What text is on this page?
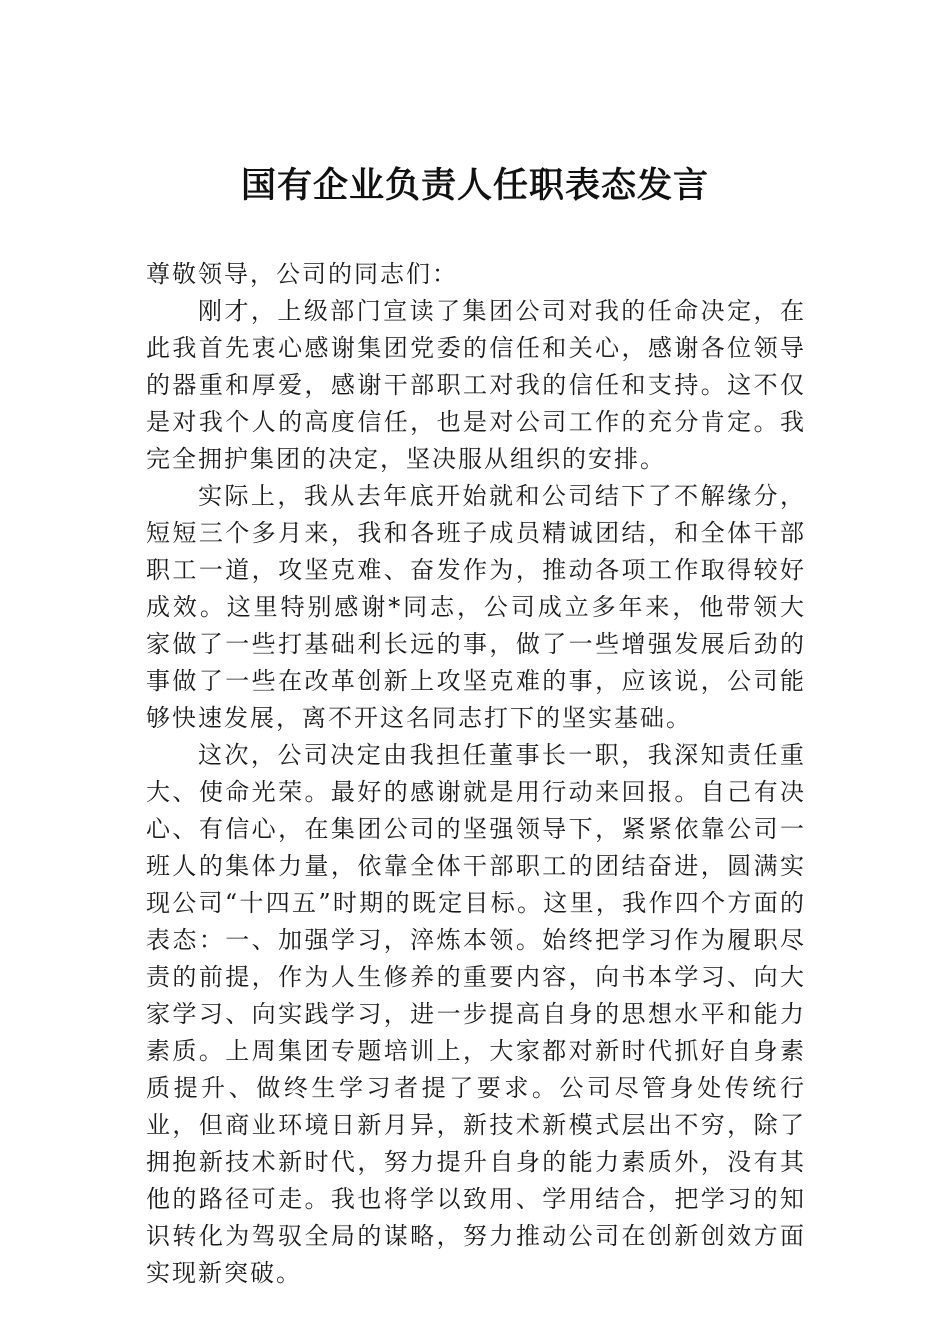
国有企业负责人任职表态发言

尊敬领导，公司的同志们：

刚才，上级部门宣读了集团公司对我的任命决定，在此我首先衷心感谢集团党委的信任和关心，感谢各位领导的器重和厚爱，感谢干部职工对我的信任和支持。这不仅是对我个人的高度信任，也是对公司工作的充分肯定。我完全拥护集团的决定，坚决服从组织的安排。

实际上，我从去年底开始就和公司结下了不解缘分，短短三个多月来，我和各班子成员精诚团结，和全体干部职工一道，攻坚克难、奋发作为，推动各项工作取得较好成效。这里特别感谢*同志，公司成立多年来，他带领大家做了一些打基础利长远的事，做了一些增强发展后劲的事做了一些在改革创新上攻坚克难的事，应该说，公司能够快速发展，离不开这名同志打下的坚实基础。

这次，公司决定由我担任董事长一职，我深知责任重大、使命光荣。最好的感谢就是用行动来回报。自己有决心、有信心，在集团公司的坚强领导下，紧紧依靠公司一班人的集体力量，依靠全体干部职工的团结奋进，圆满实现公司“十四五”时期的既定目标。这里，我作四个方面的表态：一、加强学习，淬炼本领。始终把学习作为履职尽责的前提，作为人生修养的重要内容，向书本学习、向大家学习、向实践学习，进一步提高自身的思想水平和能力素质。上周集团专题培训上，大家都对新时代抓好自身素质提升、做终生学习者提了要求。公司尽管身处传统行业，但商业环境日新月异，新技术新模式层出不穷，除了拥抱新技术新时代，努力提升自身的能力素质外，没有其他的路径可走。我也将学以致用、学用结合，把学习的知识转化为驾驭全局的谋略，努力推动公司在创新创效方面实现新突破。
